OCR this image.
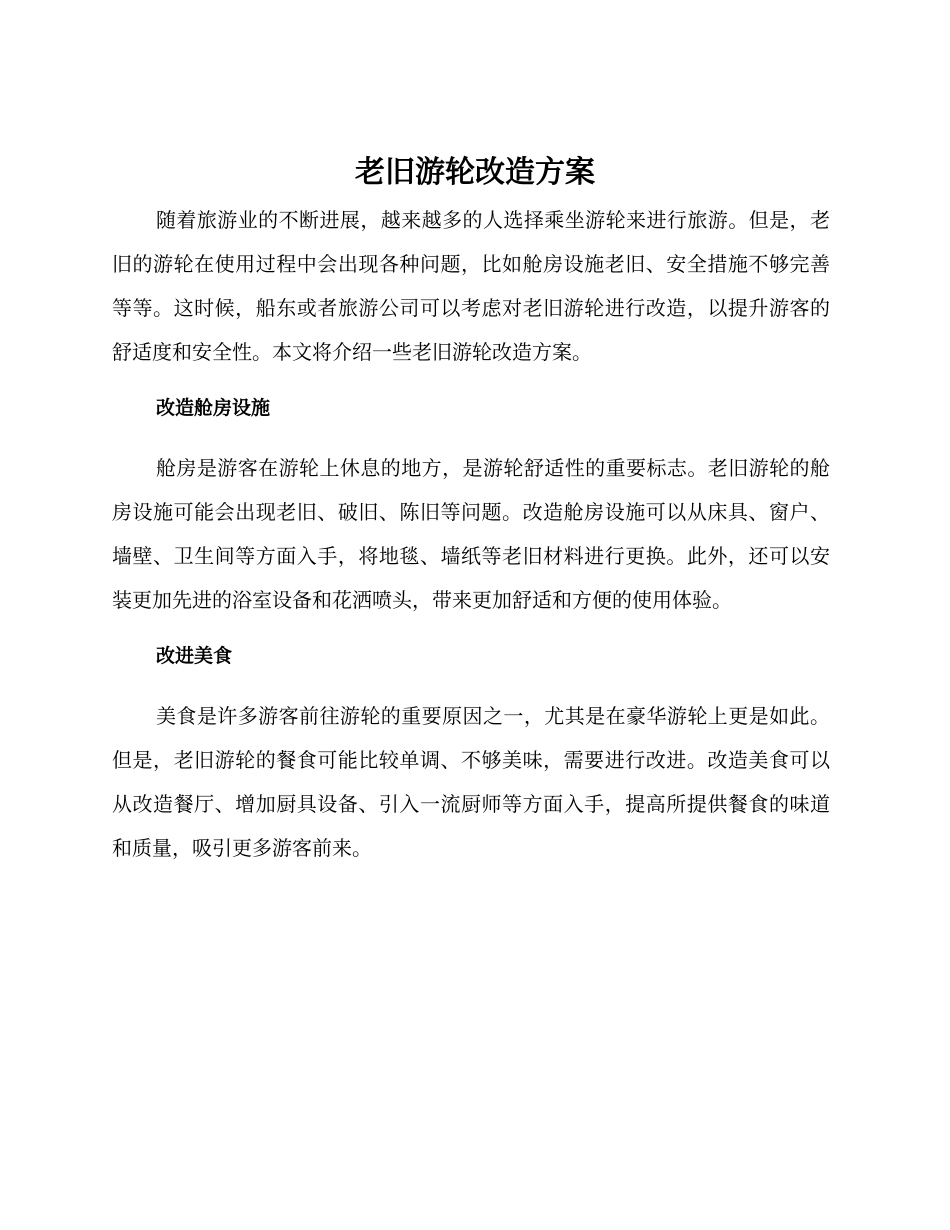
老旧游轮改造方案

随着旅游业的不断进展，越来越多的人选择乘坐游轮来进行旅游。但是，老旧的游轮在使用过程中会出现各种问题，比如舱房设施老旧、安全措施不够完善等等。这时候，船东或者旅游公司可以考虑对老旧游轮进行改造，以提升游客的舒适度和安全性。本文将介绍一些老旧游轮改造方案。

改造舱房设施

舱房是游客在游轮上休息的地方，是游轮舒适性的重要标志。老旧游轮的舱房设施可能会出现老旧、破旧、陈旧等问题。改造舱房设施可以从床具、窗户、墙壁、卫生间等方面入手，将地毯、墙纸等老旧材料进行更换。此外，还可以安装更加先进的浴室设备和花洒喷头，带来更加舒适和方便的使用体验。

改进美食

美食是许多游客前往游轮的重要原因之一，尤其是在豪华游轮上更是如此。但是，老旧游轮的餐食可能比较单调、不够美味，需要进行改进。改造美食可以从改造餐厅、增加厨具设备、引入一流厨师等方面入手，提高所提供餐食的味道和质量，吸引更多游客前来。
